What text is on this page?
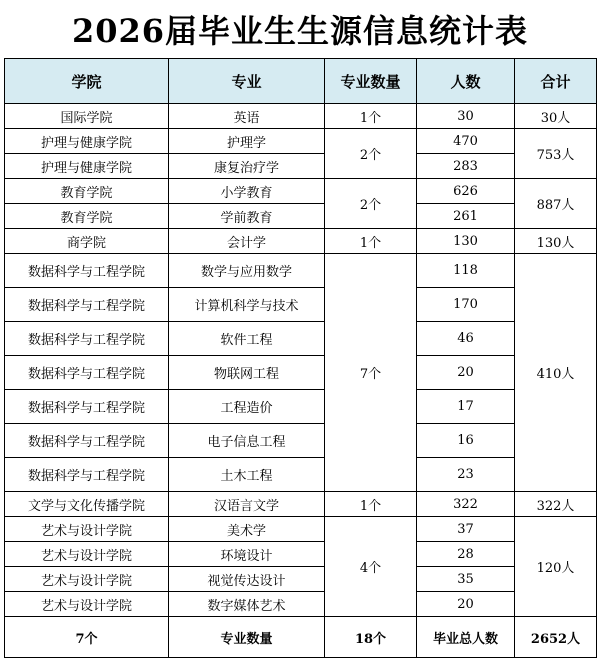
2026届毕业生生源信息统计表
学院	专业	专业数量	人数	合计
国际学院	英语	1个	30	30人
护理与健康学院	护理学	2个	470	753人
护理与健康学院	康复治疗学		283	
教育学院	小学教育	2个	626	887人
教育学院	学前教育		261	
商学院	会计学	1个	130	130人
数据科学与工程学院	数学与应用数学	7个	118	410人
数据科学与工程学院	计算机科学与技术		170	
数据科学与工程学院	软件工程		46	
数据科学与工程学院	物联网工程		20	
数据科学与工程学院	工程造价		17	
数据科学与工程学院	电子信息工程		16	
数据科学与工程学院	土木工程		23	
文学与文化传播学院	汉语言文学	1个	322	322人
艺术与设计学院	美术学	4个	37	120人
艺术与设计学院	环境设计		28	
艺术与设计学院	视觉传达设计		35	
艺术与设计学院	数字媒体艺术		20	
7个	专业数量	18个	毕业总人数	2652人
